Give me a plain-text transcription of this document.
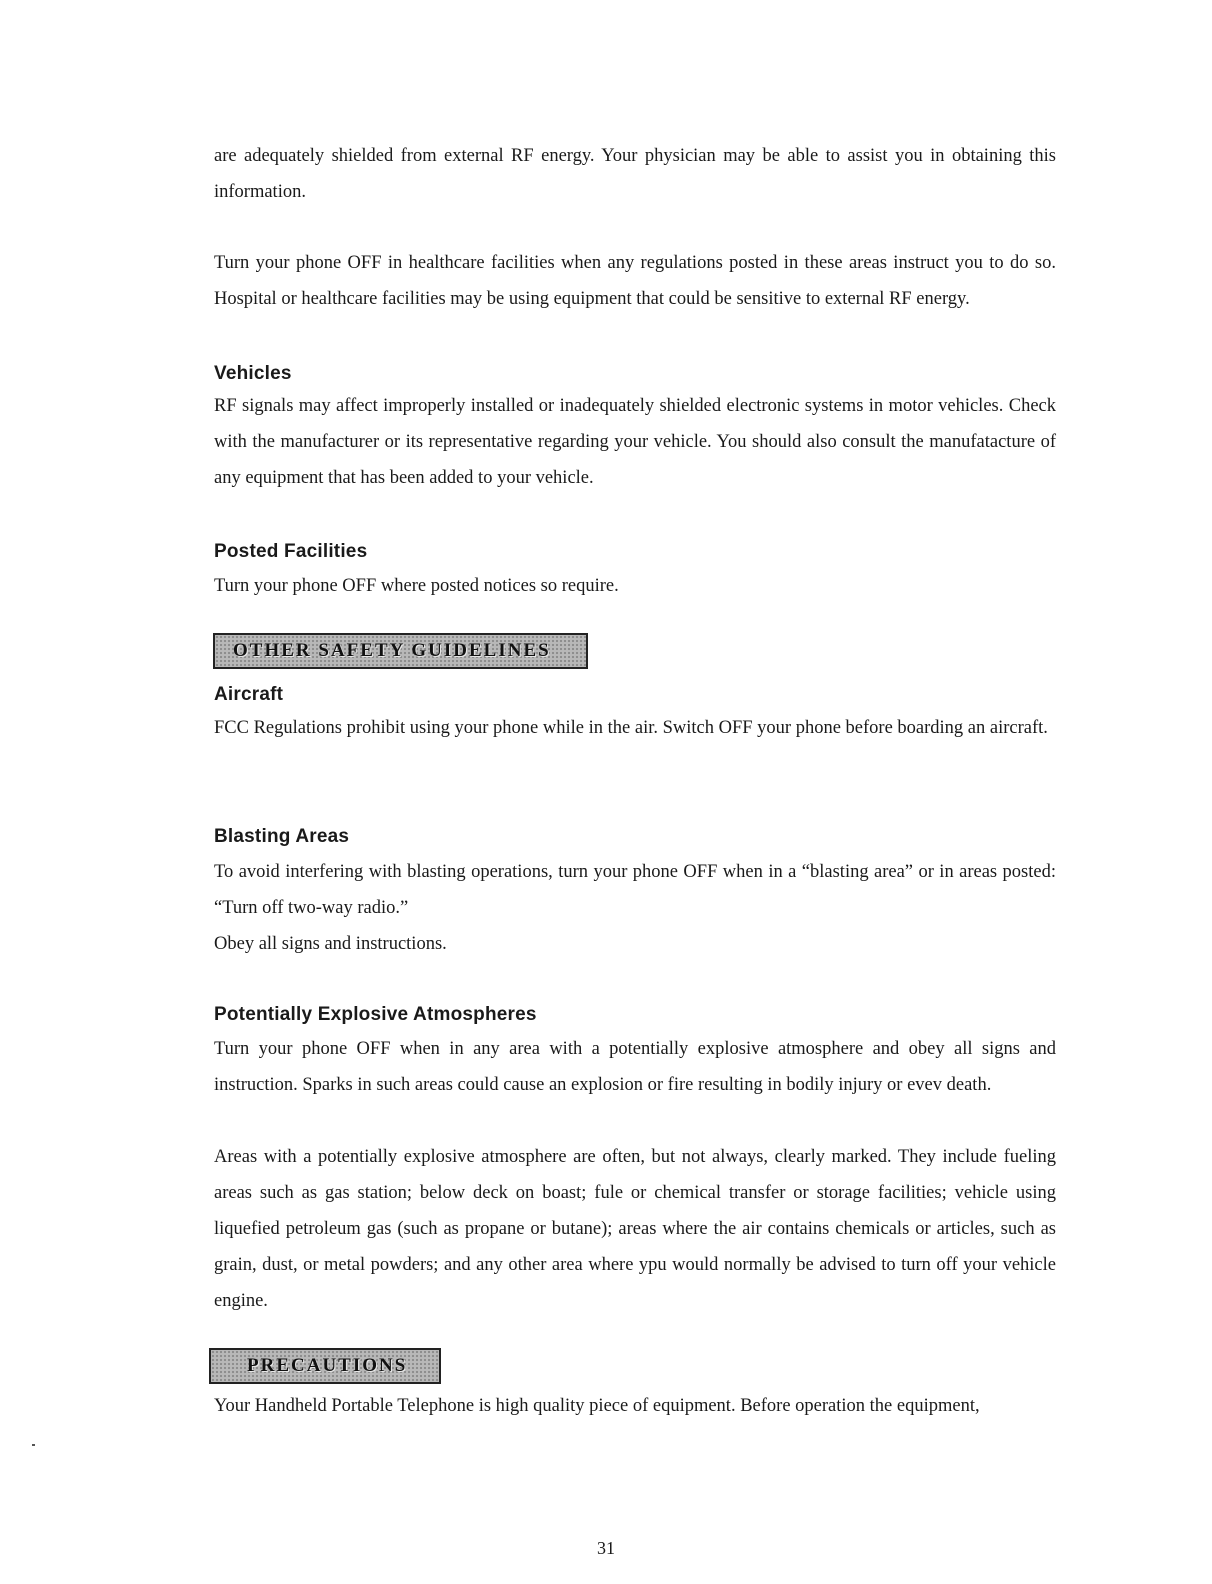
are adequately shielded from external RF energy. Your physician may be able to assist you in obtaining this information.

Turn your phone OFF in healthcare facilities when any regulations posted in these areas instruct you to do so. Hospital or healthcare facilities may be using equipment that could be sensitive to external RF energy.

Vehicles

RF signals may affect improperly installed or inadequately shielded electronic systems in motor vehicles. Check with the manufacturer or its representative regarding your vehicle. You should also consult the manufatacture of any equipment that has been added to your vehicle.

Posted Facilities

Turn your phone OFF where posted notices so require.

OTHER SAFETY GUIDELINES
Aircraft

FCC Regulations prohibit using your phone while in the air. Switch OFF your phone before boarding an aircraft.

Blasting Areas

To avoid interfering with blasting operations, turn your phone OFF when in a “blasting area” or in areas posted: “Turn off two-way radio.”

Obey all signs and instructions.

Potentially Explosive Atmospheres

Turn your phone OFF when in any area with a potentially explosive atmosphere and obey all signs and instruction. Sparks in such areas could cause an explosion or fire resulting in bodily injury or evev death.

Areas with a potentially explosive atmosphere are often, but not always, clearly marked. They include fueling areas such as gas station; below deck on boast; fule or chemical transfer or storage facilities; vehicle using liquefied petroleum gas (such as propane or butane); areas where the air contains chemicals or articles, such as grain, dust, or metal powders; and any other area where ypu would normally be advised to turn off your vehicle engine.

PRECAUTIONS

Your Handheld Portable Telephone is high quality piece of equipment. Before operation the equipment,

31
